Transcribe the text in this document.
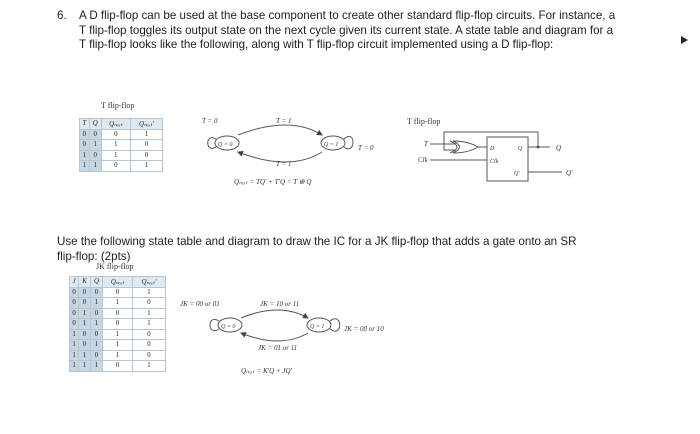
6. A D flip-flop can be used at the base component to create other standard flip-flop circuits. For instance, a T flip-flop toggles its output state on the next cycle given its current state. A state table and diagram for a T flip-flop looks like the following, along with T flip-flop circuit implemented using a D flip-flop:
T flip-flop
T	Q	Qₙₑₓₜ	Qₙₑₓₜ'
0	0	0	1
0	1	1	0
1	0	1	0
1	1	0	1
Q = 0	Q = 1
T = 0
T = 0
T = 1
T = 1
Qₙₑₓₜ = TQ' + T'Q = T ⊕ Q
T flip-flop
T
Clk
D
Clk
Q
Q'
Q
Q'
Q = 0	Q = 1
JK = 00 or 01
JK = 00 or 10
JK = 10 or 11
JK = 01 or 11
Qₙₑₓₜ = K'Q + JQ'
Use the following state table and diagram to draw the IC for a JK flip-flop that adds a gate onto an SR flip-flop: (2pts)
JK flip-flop
J	K	Q	Qₙₑₓₜ	Qₙₑₓₜ'
0	0	0	0	1
0	0	1	1	0
0	1	0	0	1
0	1	1	0	1
1	0	0	1	0
1	0	1	1	0
1	1	0	1	0
1	1	1	0	1
